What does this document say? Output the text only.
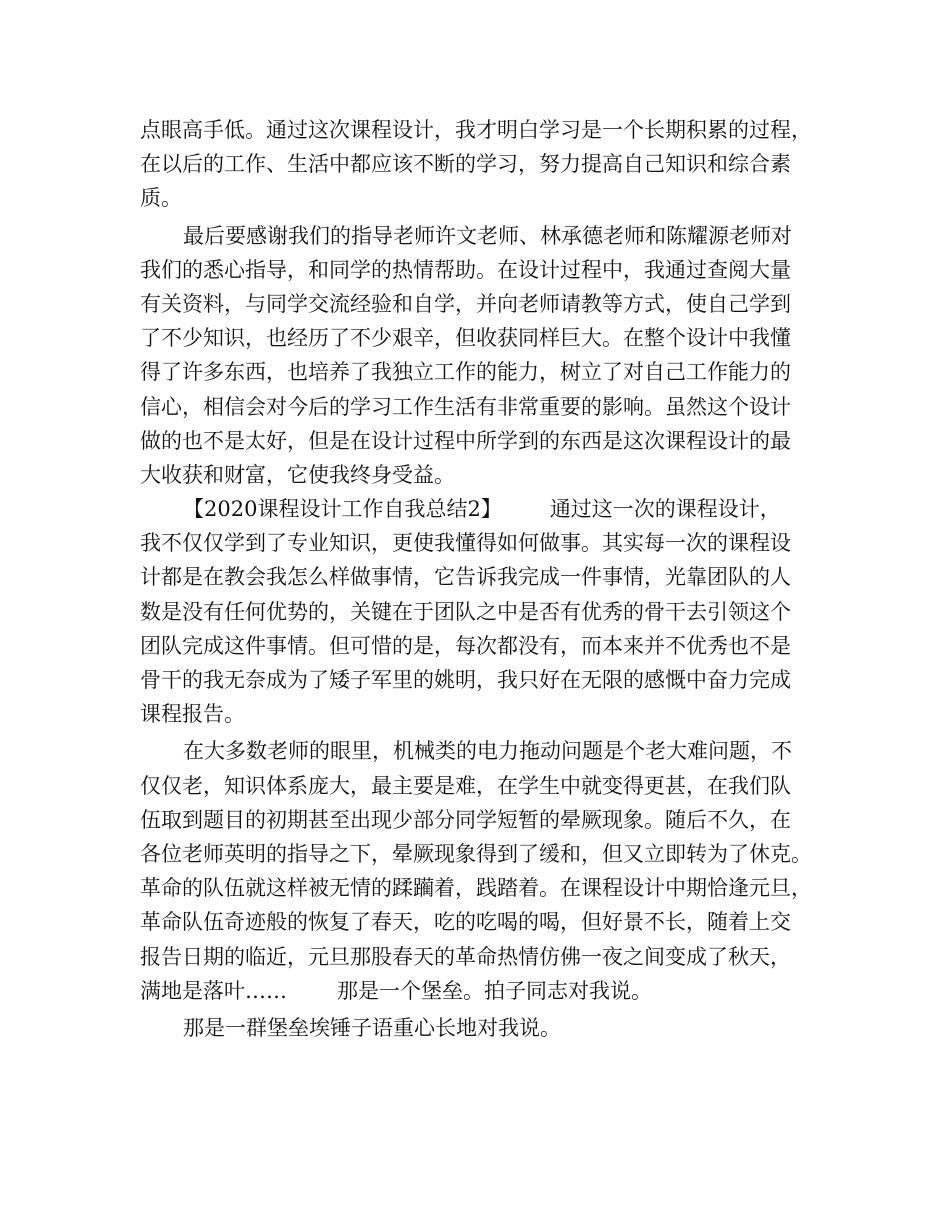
点眼高手低。通过这次课程设计，我才明白学习是一个长期积累的过程，
在以后的工作、生活中都应该不断的学习，努力提高自己知识和综合素
质。
最后要感谢我们的指导老师许文老师、林承德老师和陈耀源老师对
我们的悉心指导，和同学的热情帮助。在设计过程中，我通过查阅大量
有关资料，与同学交流经验和自学，并向老师请教等方式，使自己学到
了不少知识，也经历了不少艰辛，但收获同样巨大。在整个设计中我懂
得了许多东西，也培养了我独立工作的能力，树立了对自己工作能力的
信心，相信会对今后的学习工作生活有非常重要的影响。虽然这个设计
做的也不是太好，但是在设计过程中所学到的东西是这次课程设计的最
大收获和财富，它使我终身受益。
【2020课程设计工作自我总结2】 通过这一次的课程设计，
我不仅仅学到了专业知识，更使我懂得如何做事。其实每一次的课程设
计都是在教会我怎么样做事情，它告诉我完成一件事情，光靠团队的人
数是没有任何优势的，关键在于团队之中是否有优秀的骨干去引领这个
团队完成这件事情。但可惜的是，每次都没有，而本来并不优秀也不是
骨干的我无奈成为了矮子军里的姚明，我只好在无限的感慨中奋力完成
课程报告。
在大多数老师的眼里，机械类的电力拖动问题是个老大难问题，不
仅仅老，知识体系庞大，最主要是难，在学生中就变得更甚，在我们队
伍取到题目的初期甚至出现少部分同学短暂的晕厥现象。随后不久，在
各位老师英明的指导之下，晕厥现象得到了缓和，但又立即转为了休克。
革命的队伍就这样被无情的蹂躏着，践踏着。在课程设计中期恰逢元旦，
革命队伍奇迹般的恢复了春天，吃的吃喝的喝，但好景不长，随着上交
报告日期的临近，元旦那股春天的革命热情仿佛一夜之间变成了秋天，
满地是落叶…… 那是一个堡垒。拍子同志对我说。
那是一群堡垒埃锤子语重心长地对我说。
